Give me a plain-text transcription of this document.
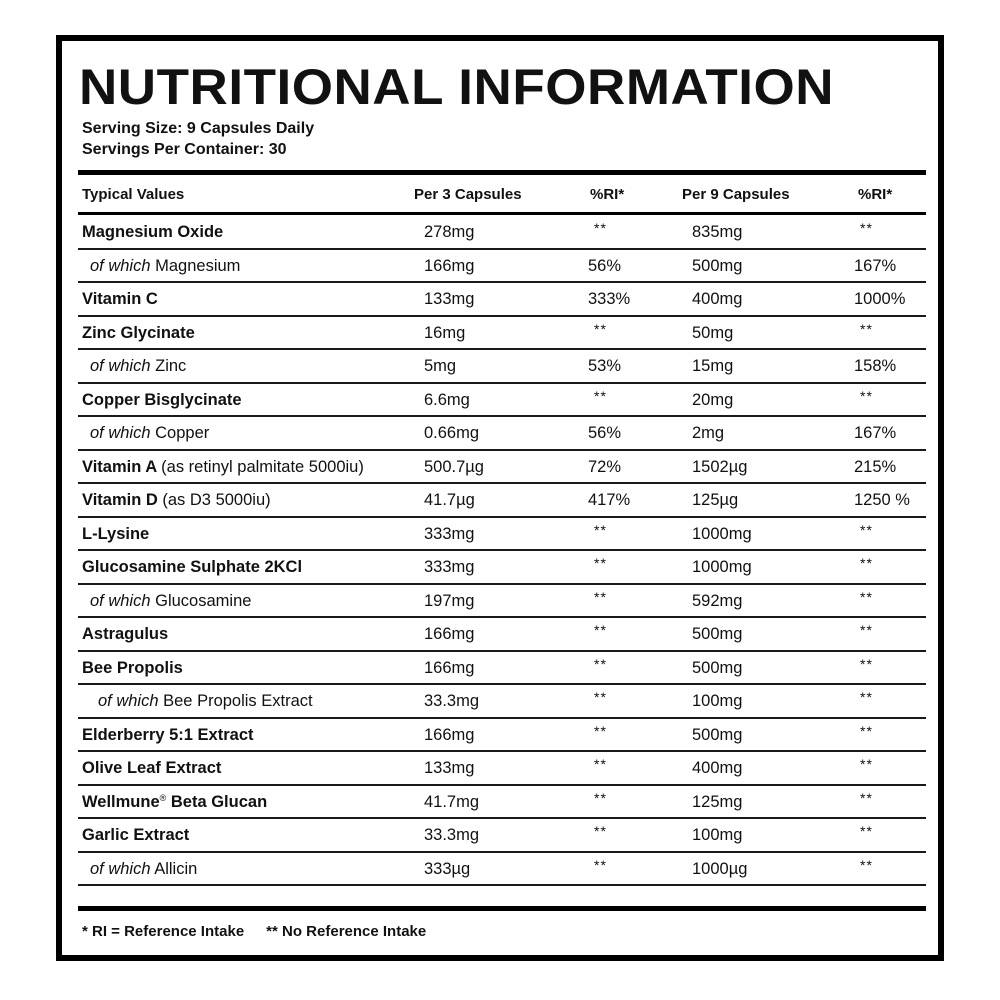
NUTRITIONAL INFORMATION
Serving Size: 9 Capsules Daily
Servings Per Container: 30
Typical Values	Per 3 Capsules	%RI*	Per 9 Capsules	%RI*
Magnesium Oxide	278mg	**	835mg	**
of which Magnesium	166mg	56%	500mg	167%
Vitamin C	133mg	333%	400mg	1000%
Zinc Glycinate	16mg	**	50mg	**
of which Zinc	5mg	53%	15mg	158%
Copper Bisglycinate	6.6mg	**	20mg	**
of which Copper	0.66mg	56%	2mg	167%
Vitamin A (as retinyl palmitate 5000iu)	500.7µg	72%	1502µg	215%
Vitamin D (as D3 5000iu)	41.7µg	417%	125µg	1250 %
L-Lysine	333mg	**	1000mg	**
Glucosamine Sulphate 2KCl	333mg	**	1000mg	**
of which Glucosamine	197mg	**	592mg	**
Astragulus	166mg	**	500mg	**
Bee Propolis	166mg	**	500mg	**
of which Bee Propolis Extract	33.3mg	**	100mg	**
Elderberry 5:1 Extract	166mg	**	500mg	**
Olive Leaf Extract	133mg	**	400mg	**
Wellmune® Beta Glucan	41.7mg	**	125mg	**
Garlic Extract	33.3mg	**	100mg	**
of which Allicin	333µg	**	1000µg	**
* RI = Reference Intake ** No Reference Intake
